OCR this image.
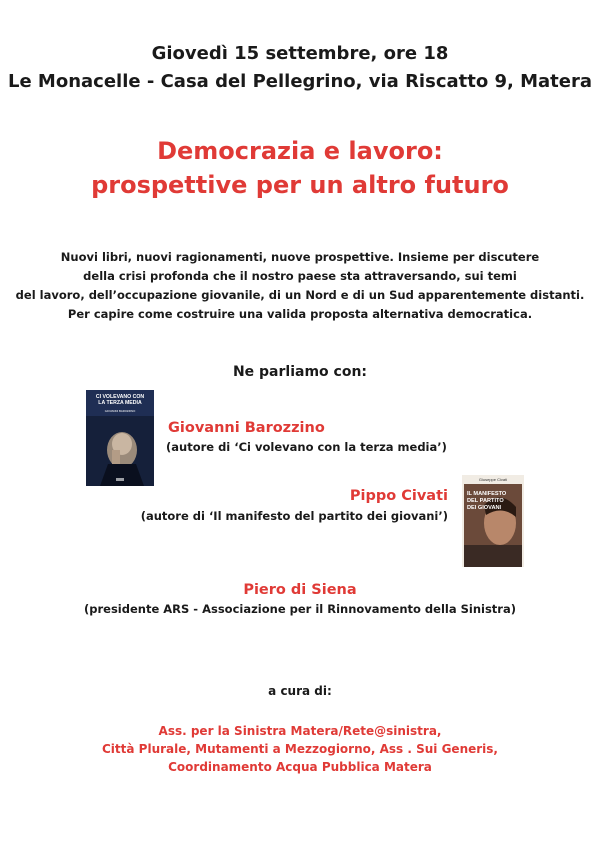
Giovedì 15 settembre, ore 18
Le Monacelle - Casa del Pellegrino, via Riscatto 9, Matera
Democrazia e lavoro:
prospettive per un altro futuro
Nuovi libri, nuovi ragionamenti, nuove prospettive. Insieme per discutere
della crisi profonda che il nostro paese sta attraversando, sui temi
del lavoro, dell’occupazione giovanile, di un Nord e di un Sud apparentemente distanti.
Per capire come costruire una valida proposta alternativa democratica.
Ne parliamo con:
CI VOLEVANO CON
LA TERZA MEDIA
GIOVANNI BAROZZINO
Giovanni Barozzino
(autore di ‘Ci volevano con la terza media’)
Pippo Civati
(autore di ‘Il manifesto del partito dei giovani’)
Giuseppe Civati
IL MANIFESTO
DEL PARTITO
DEI GIOVANI
Piero di Siena
(presidente ARS - Associazione per il Rinnovamento della Sinistra)
a cura di:
Ass. per la Sinistra Matera/Rete@sinistra,
Città Plurale, Mutamenti a Mezzogiorno, Ass . Sui Generis,
Coordinamento Acqua Pubblica Matera
